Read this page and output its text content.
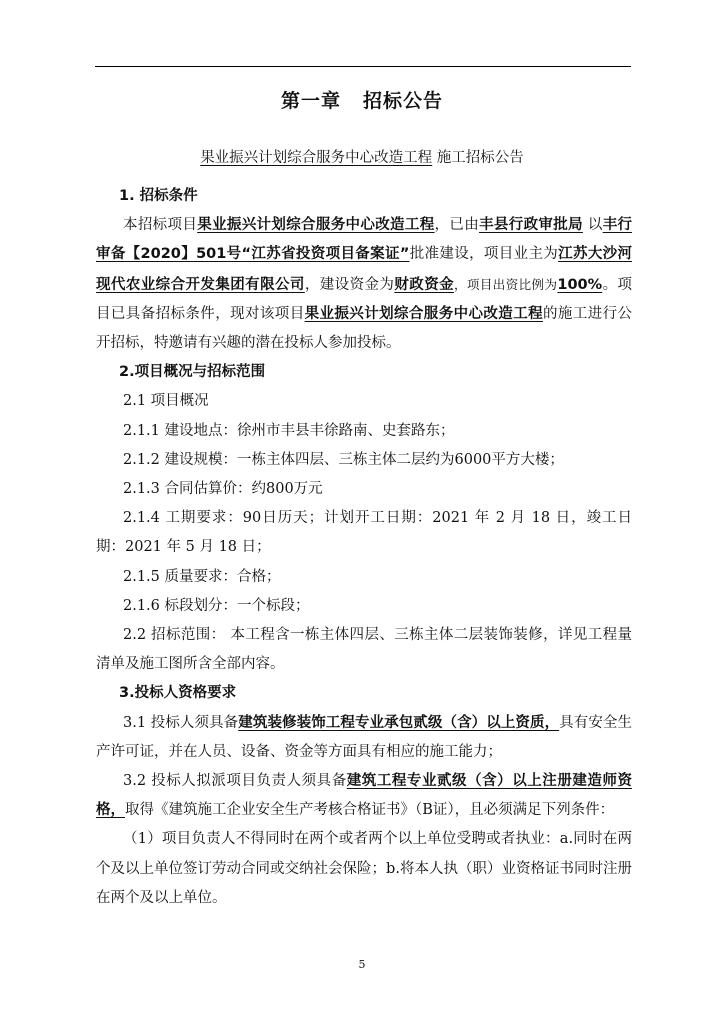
第一章 招标公告
果业振兴计划综合服务中心改造工程 施工招标公告

1. 招标条件

本招标项目果业振兴计划综合服务中心改造工程，已由丰县行政审批局 以丰行审备【2020】501号“江苏省投资项目备案证”批准建设，项目业主为江苏大沙河现代农业综合开发集团有限公司，建设资金为财政资金，项目出资比例为100%。项目已具备招标条件，现对该项目果业振兴计划综合服务中心改造工程的施工进行公开招标，特邀请有兴趣的潜在投标人参加投标。

2.项目概况与招标范围

2.1 项目概况

2.1.1 建设地点：徐州市丰县丰徐路南、史套路东；

2.1.2 建设规模：一栋主体四层、三栋主体二层约为6000平方大楼；

2.1.3 合同估算价：约800万元

2.1.4 工期要求：90日历天；计划开工日期：2021 年 2 月 18 日，竣工日期：2021 年 5 月 18 日；

2.1.5 质量要求：合格；

2.1.6 标段划分：一个标段；

2.2 招标范围： 本工程含一栋主体四层、三栋主体二层装饰装修，详见工程量清单及施工图所含全部内容。

3.投标人资格要求

3.1 投标人须具备建筑装修装饰工程专业承包贰级（含）以上资质，具有安全生产许可证，并在人员、设备、资金等方面具有相应的施工能力；

3.2 投标人拟派项目负责人须具备建筑工程专业贰级（含）以上注册建造师资格，取得《建筑施工企业安全生产考核合格证书》（B证），且必须满足下列条件：

（1）项目负责人不得同时在两个或者两个以上单位受聘或者执业：a.同时在两个及以上单位签订劳动合同或交纳社会保险；b.将本人执（职）业资格证书同时注册在两个及以上单位。

5
